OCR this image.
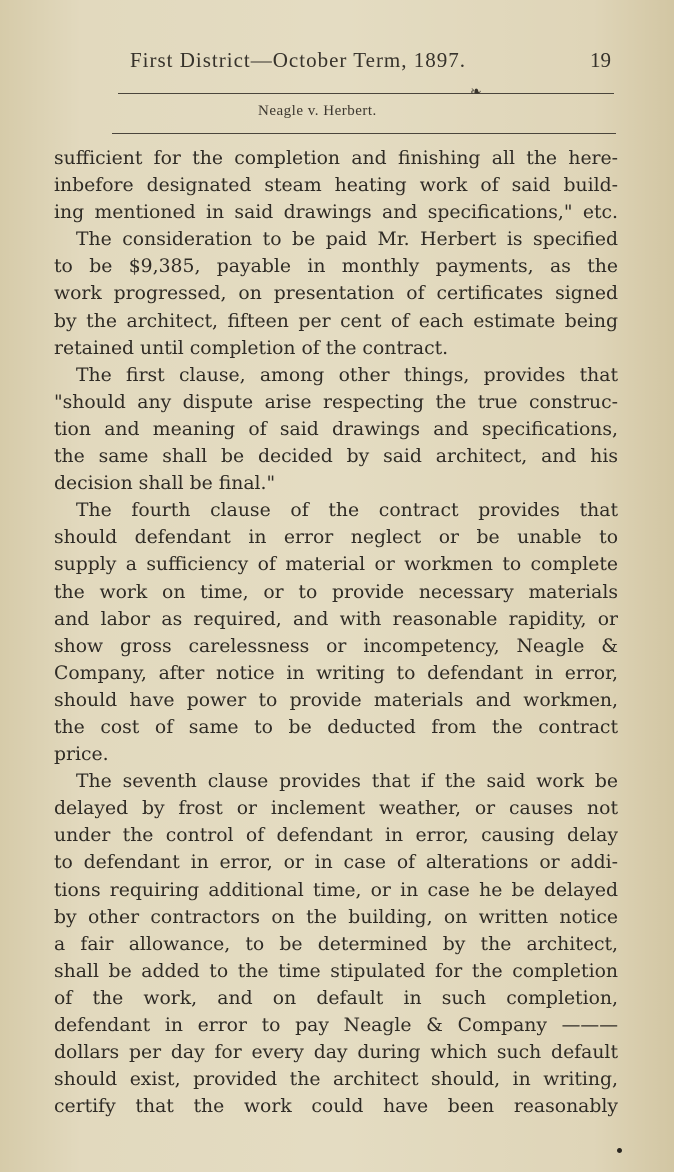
First District—October Term, 1897.	19
❧
Neagle v. Herbert.
sufficient for the completion and finishing all the here-
inbefore designated steam heating work of said build-
ing mentioned in said drawings and specifications," etc.
The consideration to be paid Mr. Herbert is specified
to be $9,385, payable in monthly payments, as the
work progressed, on presentation of certificates signed
by the architect, fifteen per cent of each estimate being
retained until completion of the contract.
The first clause, among other things, provides that
"should any dispute arise respecting the true construc-
tion and meaning of said drawings and specifications,
the same shall be decided by said architect, and his
decision shall be final."
The fourth clause of the contract provides that
should defendant in error neglect or be unable to
supply a sufficiency of material or workmen to complete
the work on time, or to provide necessary materials
and labor as required, and with reasonable rapidity, or
show gross carelessness or incompetency, Neagle &
Company, after notice in writing to defendant in error,
should have power to provide materials and workmen,
the cost of same to be deducted from the contract
price.
The seventh clause provides that if the said work be
delayed by frost or inclement weather, or causes not
under the control of defendant in error, causing delay
to defendant in error, or in case of alterations or addi-
tions requiring additional time, or in case he be delayed
by other contractors on the building, on written notice
a fair allowance, to be determined by the architect,
shall be added to the time stipulated for the completion
of the work, and on default in such completion,
defendant in error to pay Neagle & Company ———
dollars per day for every day during which such default
should exist, provided the architect should, in writing,
certify that the work could have been reasonably
